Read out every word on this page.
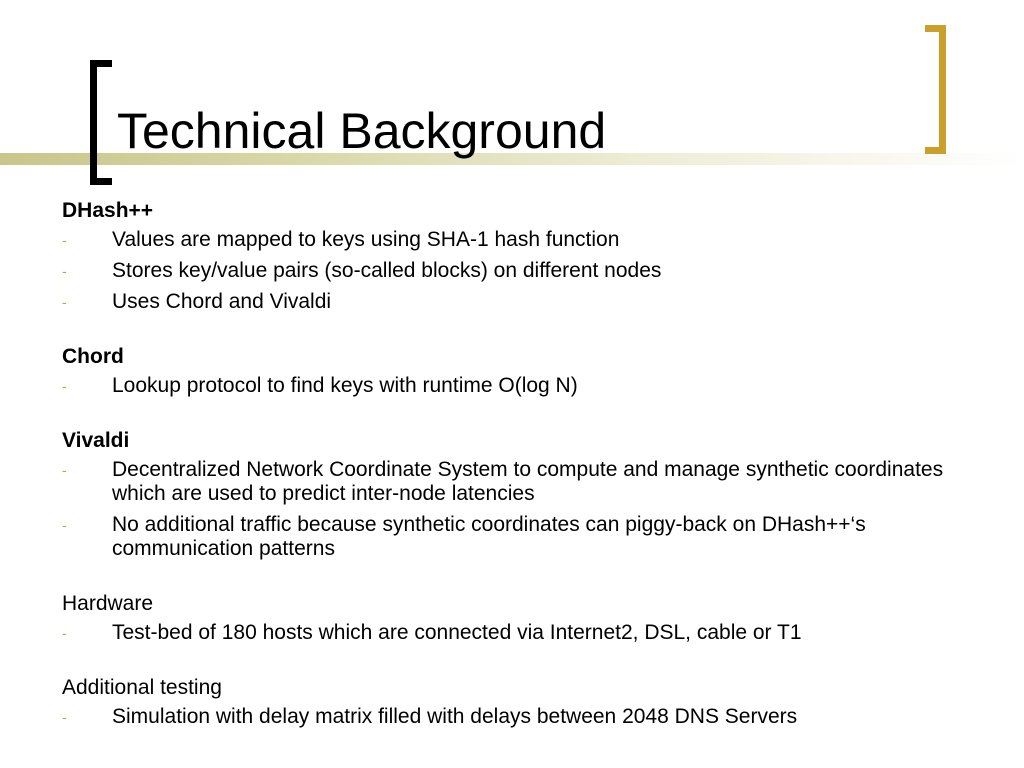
Technical Background
DHash++
-	Values are mapped to keys using SHA-1 hash function
-	Stores key/value pairs (so-called blocks) on different nodes
-	Uses Chord and Vivaldi
Chord
-	Lookup protocol to find keys with runtime O(log N)
Vivaldi
-	Decentralized Network Coordinate System to compute and manage synthetic coordinates which are used to predict inter-node latencies
-	No additional traffic because synthetic coordinates can piggy-back on DHash++‘s communication patterns
Hardware
-	Test-bed of 180 hosts which are connected via Internet2, DSL, cable or T1
Additional testing
-	Simulation with delay matrix filled with delays between 2048 DNS Servers
